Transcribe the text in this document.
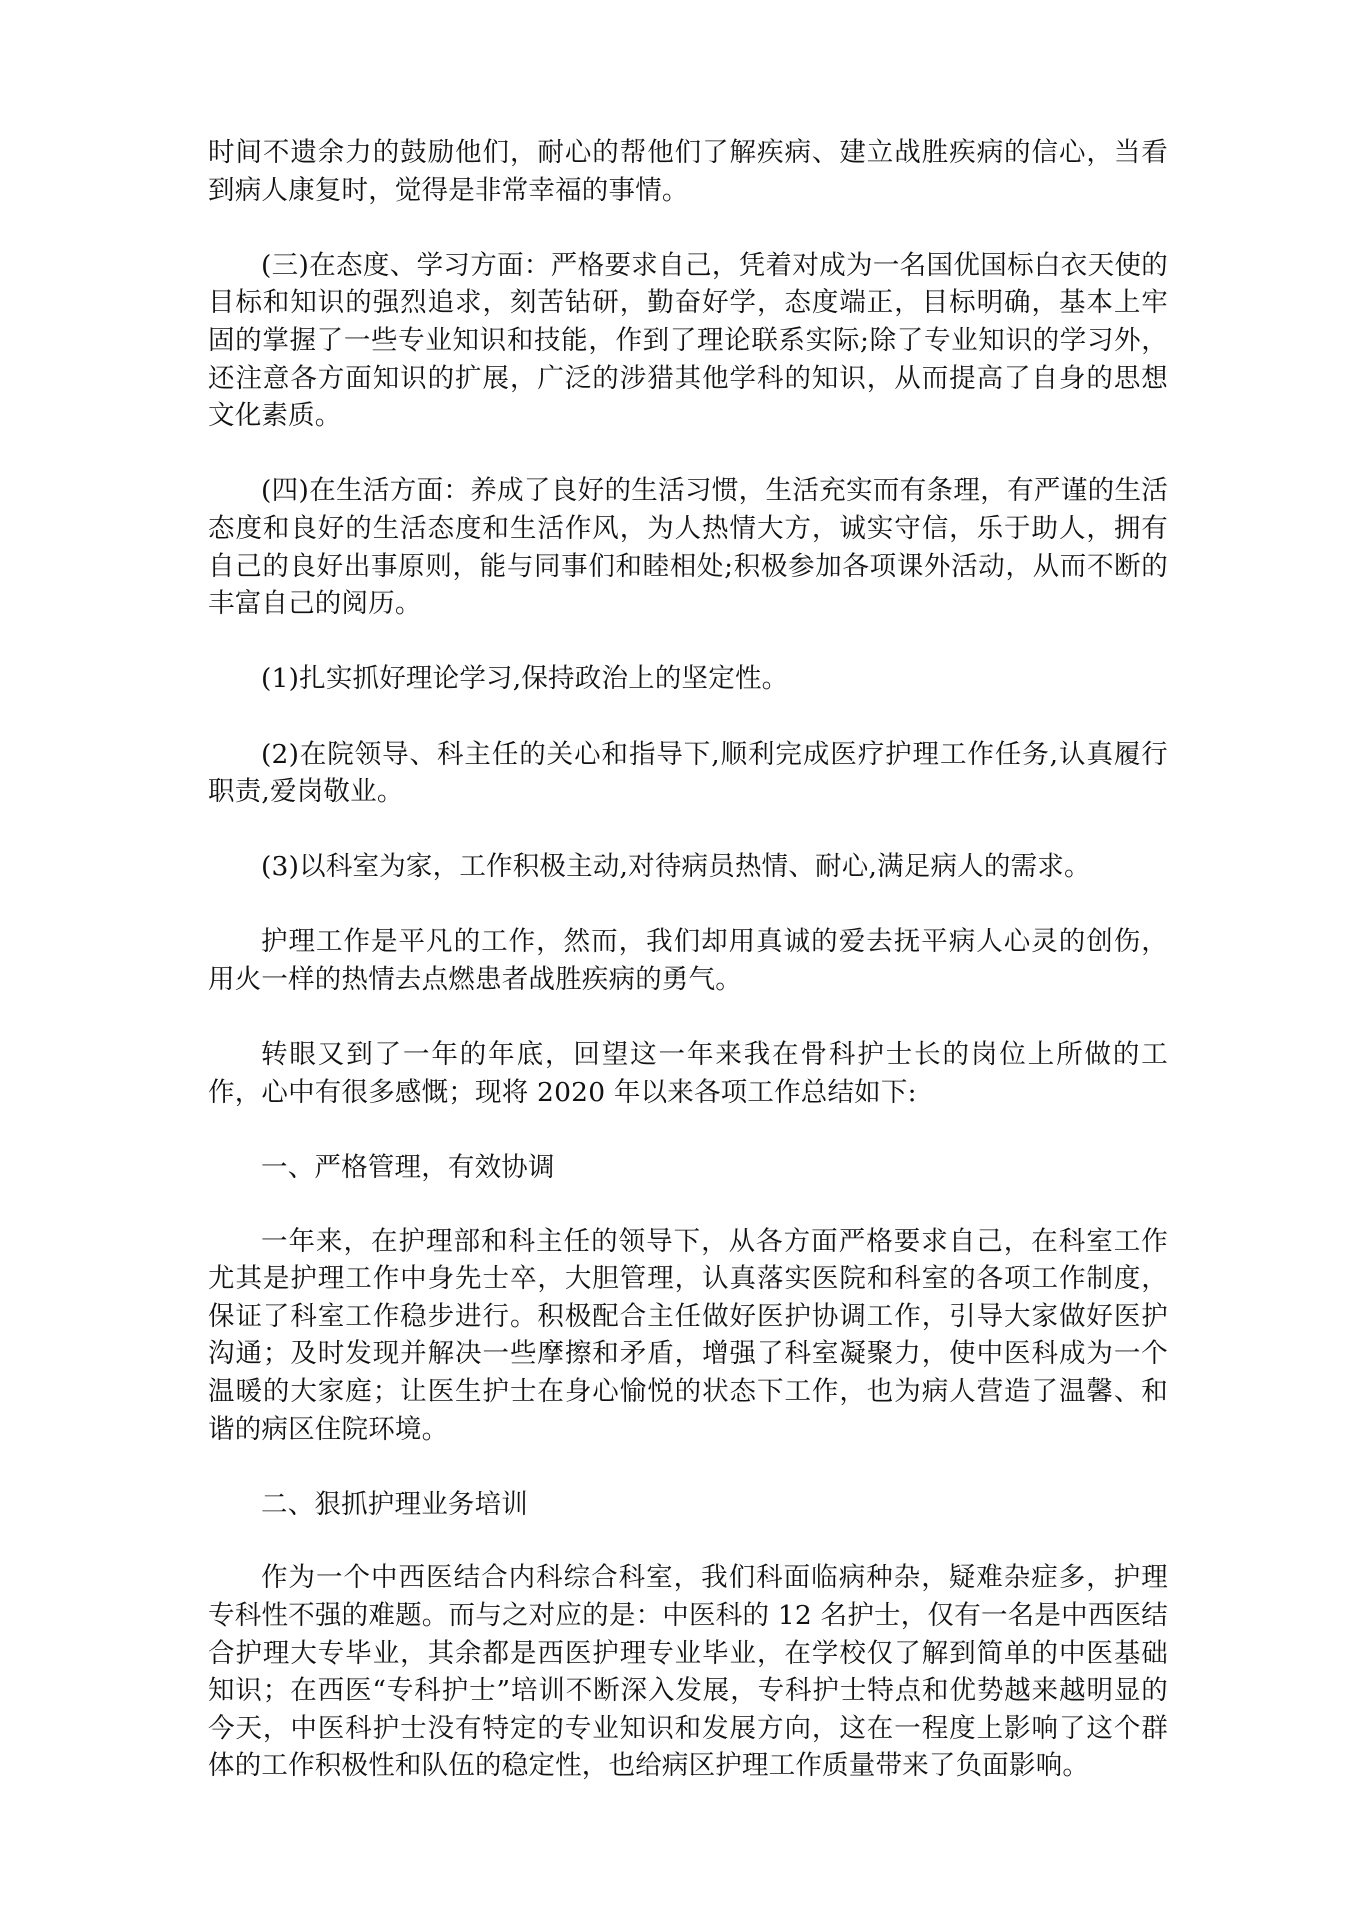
时间不遗余力的鼓励他们，耐心的帮他们了解疾病、建立战胜疾病的信心，当看到病人康复时，觉得是非常幸福的事情。

(三)在态度、学习方面：严格要求自己，凭着对成为一名国优国标白衣天使的目标和知识的强烈追求，刻苦钻研，勤奋好学，态度端正，目标明确，基本上牢固的掌握了一些专业知识和技能，作到了理论联系实际;除了专业知识的学习外，还注意各方面知识的扩展，广泛的涉猎其他学科的知识，从而提高了自身的思想文化素质。

(四)在生活方面：养成了良好的生活习惯，生活充实而有条理，有严谨的生活态度和良好的生活态度和生活作风，为人热情大方，诚实守信，乐于助人，拥有自己的良好出事原则，能与同事们和睦相处;积极参加各项课外活动，从而不断的丰富自己的阅历。

(1)扎实抓好理论学习,保持政治上的坚定性。

(2)在院领导、科主任的关心和指导下,顺利完成医疗护理工作任务,认真履行职责,爱岗敬业。

(3)以科室为家，工作积极主动,对待病员热情、耐心,满足病人的需求。

护理工作是平凡的工作，然而，我们却用真诚的爱去抚平病人心灵的创伤，用火一样的热情去点燃患者战胜疾病的勇气。

转眼又到了一年的年底，回望这一年来我在骨科护士长的岗位上所做的工作，心中有很多感慨；现将 2020 年以来各项工作总结如下:

一、严格管理，有效协调

一年来，在护理部和科主任的领导下，从各方面严格要求自己，在科室工作尤其是护理工作中身先士卒，大胆管理，认真落实医院和科室的各项工作制度，保证了科室工作稳步进行。积极配合主任做好医护协调工作，引导大家做好医护沟通；及时发现并解决一些摩擦和矛盾，增强了科室凝聚力，使中医科成为一个温暖的大家庭；让医生护士在身心愉悦的状态下工作，也为病人营造了温馨、和谐的病区住院环境。

二、狠抓护理业务培训

作为一个中西医结合内科综合科室，我们科面临病种杂，疑难杂症多，护理专科性不强的难题。而与之对应的是：中医科的 12 名护士，仅有一名是中西医结合护理大专毕业，其余都是西医护理专业毕业，在学校仅了解到简单的中医基础知识；在西医“专科护士”培训不断深入发展，专科护士特点和优势越来越明显的今天，中医科护士没有特定的专业知识和发展方向，这在一程度上影响了这个群体的工作积极性和队伍的稳定性，也给病区护理工作质量带来了负面影响。
